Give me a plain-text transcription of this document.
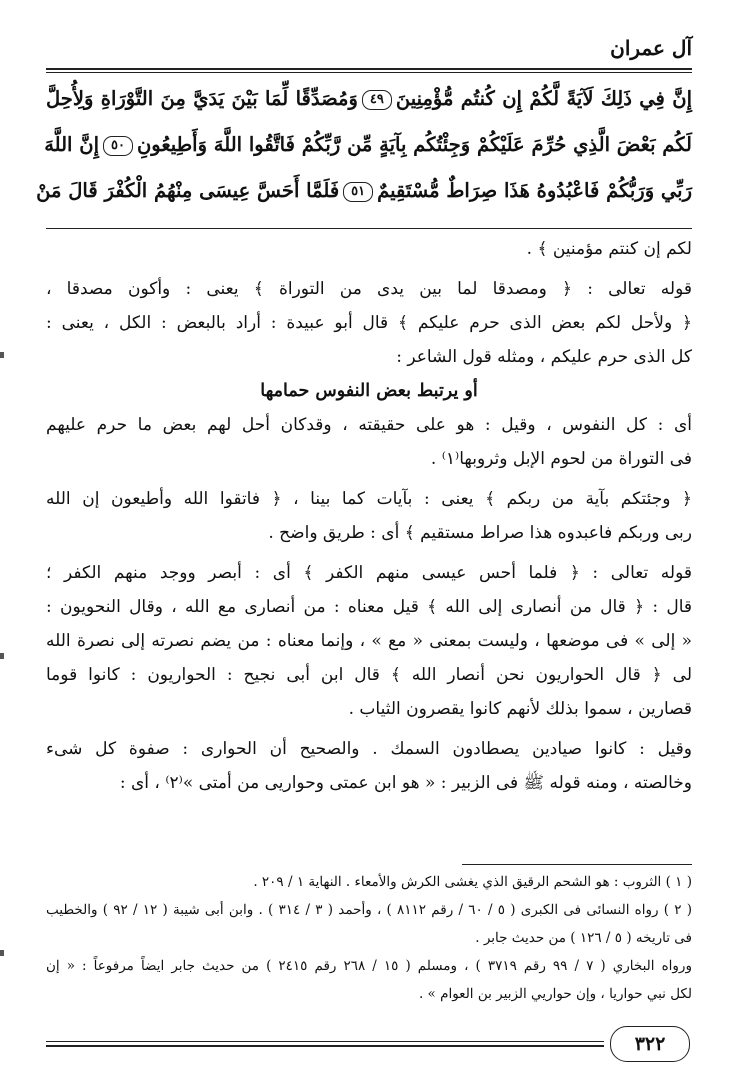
آل عمران
إِنَّ فِي ذَلِكَ لَآيَةً لَّكُمْ إِن كُنتُم مُّؤْمِنِينَ٤٩وَمُصَدِّقًا لِّمَا بَيْنَ يَدَيَّ مِنَ التَّوْرَاةِ وَلِأُحِلَّ
لَكُم بَعْضَ الَّذِي حُرِّمَ عَلَيْكُمْ وَجِئْتُكُم بِآيَةٍ مِّن رَّبِّكُمْ فَاتَّقُوا اللَّهَ وَأَطِيعُونِ٥٠إِنَّ اللَّهَ
رَبِّي وَرَبُّكُمْ فَاعْبُدُوهُ هَذَا صِرَاطٌ مُّسْتَقِيمٌ٥١فَلَمَّا أَحَسَّ عِيسَى مِنْهُمُ الْكُفْرَ قَالَ مَنْ
لكم إن كنتم مؤمنين ﴾ .
قوله تعالى : ﴿ ومصدقا لما بين يدى من التوراة ﴾ يعنى : وأكون مصدقا ،
﴿ ولأحل لكم بعض الذى حرم عليكم ﴾ قال أبو عبيدة : أراد بالبعض : الكل ، يعنى :
كل الذى حرم عليكم ، ومثله قول الشاعر :
أو يرتبط بعض النفوس حمامها
أى : كل النفوس ، وقيل : هو على حقيقته ، وقدكان أحل لهم بعض ما حرم عليهم
فى التوراة من لحوم الإبل وثروبها⁽١⁾ .
﴿ وجئتكم بآية من ربكم ﴾ يعنى : بآيات كما بينا ، ﴿ فاتقوا الله وأطيعون إن الله
ربى وربكم فاعبدوه هذا صراط مستقيم ﴾ أى : طريق واضح .
قوله تعالى : ﴿ فلما أحس عيسى منهم الكفر ﴾ أى : أبصر ووجد منهم الكفر ؛
قال : ﴿ قال من أنصارى إلى الله ﴾ قيل معناه : من أنصارى مع الله ، وقال النحويون :
« إلى » فى موضعها ، وليست بمعنى « مع » ، وإنما معناه : من يضم نصرته إلى نصرة الله
لى ﴿ قال الحواريون نحن أنصار الله ﴾ قال ابن أبى نجيح : الحواريون : كانوا قوما
قصارين ، سموا بذلك لأنهم كانوا يقصرون الثياب .
وقيل : كانوا صيادين يصطادون السمك . والصحيح أن الحوارى : صفوة كل شىء
وخالصته ، ومنه قوله ﷺ فى الزبير : « هو ابن عمتى وحواريى من أمتى »⁽٢⁾ ، أى :
( ١ ) الثروب : هو الشحم الرقيق الذي يغشى الكرش والأمعاء . النهاية ١ / ٢٠٩ .
( ٢ ) رواه النسائى فى الكبرى ( ٥ / ٦٠ / رقم ٨١١٢ ) ، وأحمد ( ٣ / ٣١٤ ) . وابن أبى شيبة ( ١٢ / ٩٢ ) والخطيب
فى تاريخه ( ٥ / ١٢٦ ) من حديث جابر .
ورواه البخاري ( ٧ / ٩٩ رقم ٣٧١٩ ) ، ومسلم ( ١٥ / ٢٦٨ رقم ٢٤١٥ ) من حديث جابر ايضاً مرفوعاً : « إن
لكل نبي حواريا ، وإن حواريي الزبير بن العوام » .
٣٢٢
